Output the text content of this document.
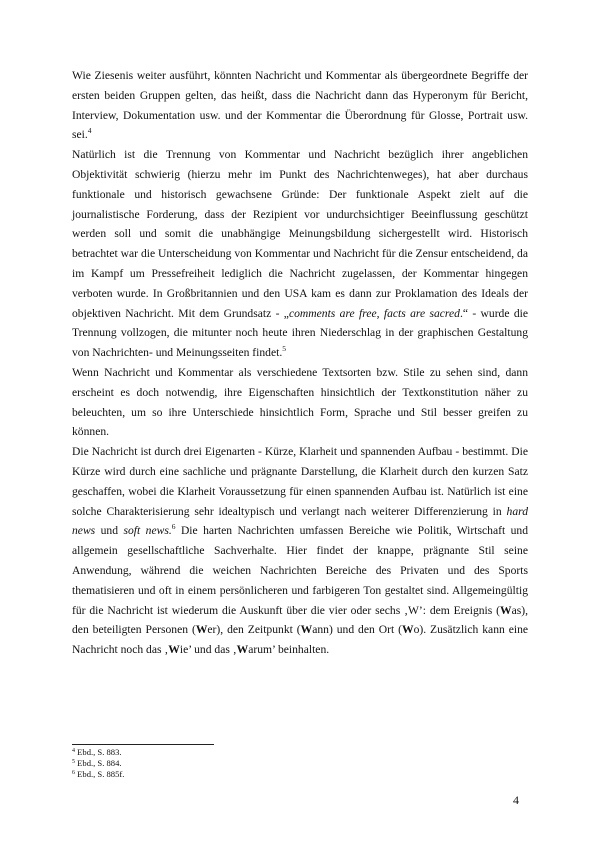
Wie Ziesenis weiter ausführt, könnten Nachricht und Kommentar als übergeordnete Begriffe der ersten beiden Gruppen gelten, das heißt, dass die Nachricht dann das Hyperonym für Bericht, Interview, Dokumentation usw. und der Kommentar die Überordnung für Glosse, Portrait usw. sei.$^4$

Natürlich ist die Trennung von Kommentar und Nachricht bezüglich ihrer angeblichen Objektivität schwierig (hierzu mehr im Punkt des Nachrichtenweges), hat aber durchaus funktionale und historisch gewachsene Gründe: Der funktionale Aspekt zielt auf die journalistische Forderung, dass der Rezipient vor undurchsichtiger Beeinflussung geschützt werden soll und somit die unabhängige Meinungsbildung sichergestellt wird. Historisch betrachtet war die Unterscheidung von Kommentar und Nachricht für die Zensur entscheidend, da im Kampf um Pressefreiheit lediglich die Nachricht zugelassen, der Kommentar hingegen verboten wurde. In Großbritannien und den USA kam es dann zur Proklamation des Ideals der objektiven Nachricht. Mit dem Grundsatz - „comments are free, facts are sacred.“ - wurde die Trennung vollzogen, die mitunter noch heute ihren Niederschlag in der graphischen Gestaltung von Nachrichten- und Meinungsseiten findet.$^5$

Wenn Nachricht und Kommentar als verschiedene Textsorten bzw. Stile zu sehen sind, dann erscheint es doch notwendig, ihre Eigenschaften hinsichtlich der Textkonstitution näher zu beleuchten, um so ihre Unterschiede hinsichtlich Form, Sprache und Stil besser greifen zu können.

Die Nachricht ist durch drei Eigenarten - Kürze, Klarheit und spannenden Aufbau - bestimmt. Die Kürze wird durch eine sachliche und prägnante Darstellung, die Klarheit durch den kurzen Satz geschaffen, wobei die Klarheit Voraussetzung für einen spannenden Aufbau ist. Natürlich ist eine solche Charakterisierung sehr idealtypisch und verlangt nach weiterer Differenzierung in hard news und soft news.$^6$ Die harten Nachrichten umfassen Bereiche wie Politik, Wirtschaft und allgemein gesellschaftliche Sachverhalte. Hier findet der knappe, prägnante Stil seine Anwendung, während die weichen Nachrichten Bereiche des Privaten und des Sports thematisieren und oft in einem persönlicheren und farbigeren Ton gestaltet sind. Allgemeingültig für die Nachricht ist wiederum die Auskunft über die vier oder sechs ‚W’: dem Ereignis (Was), den beteiligten Personen (Wer), den Zeitpunkt (Wann) und den Ort (Wo). Zusätzlich kann eine Nachricht noch das ‚Wie’ und das ‚Warum’ beinhalten.

$^4$ Ebd., S. 883.
$^5$ Ebd., S. 884.
$^6$ Ebd., S. 885f.
4
